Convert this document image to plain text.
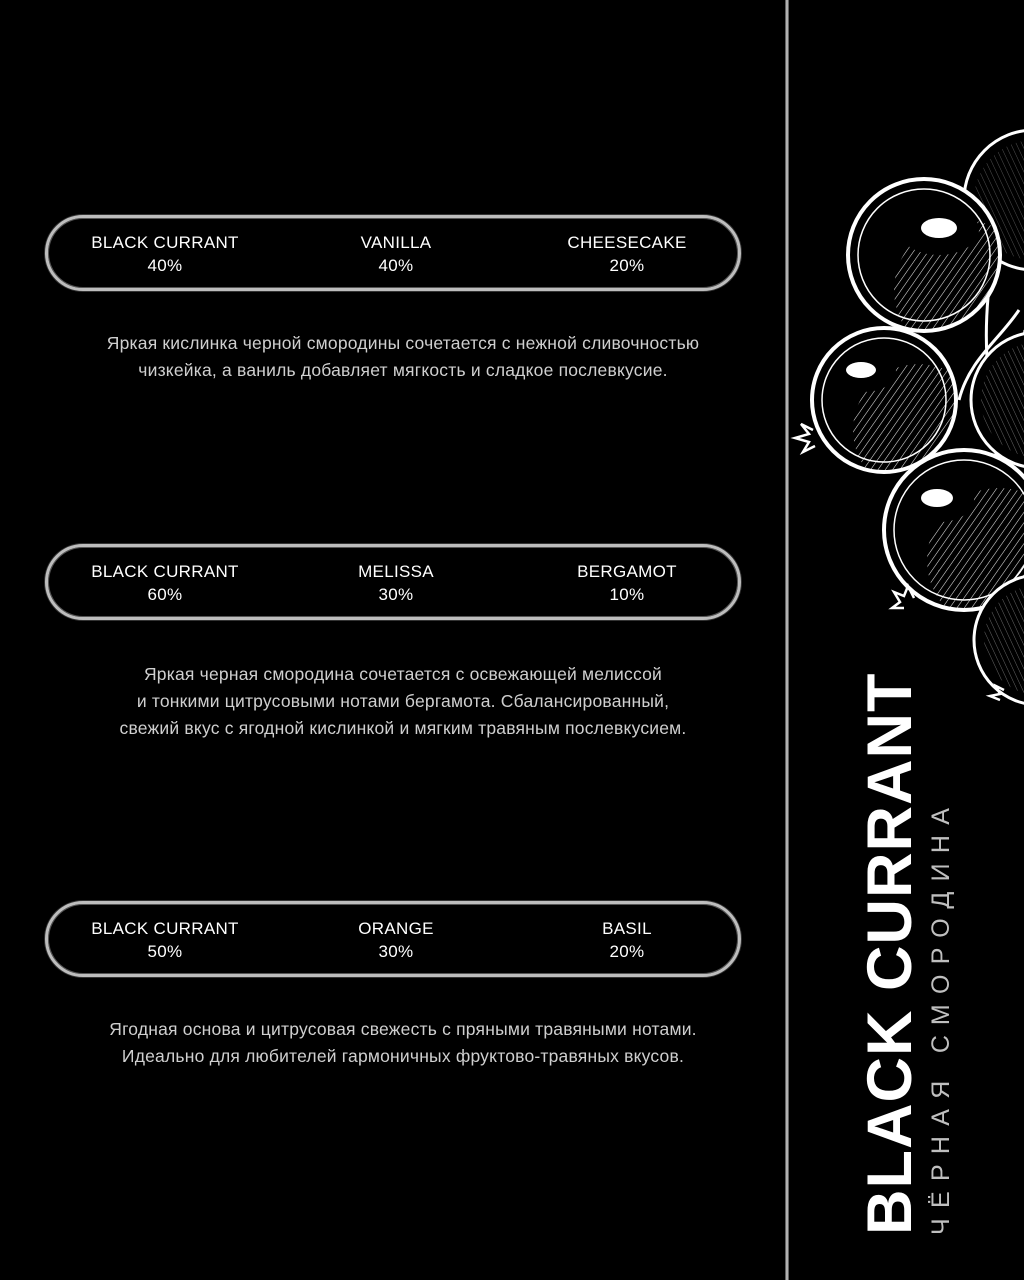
BLACK CURRANT
40%
VANILLA
40%
CHEESECAKE
20%
Яркая кислинка черной смородины сочетается с нежной сливочностью
чизкейка, а ваниль добавляет мягкость и сладкое послевкусие.
BLACK CURRANT
60%
MELISSA
30%
BERGAMOT
10%
Яркая черная смородина сочетается с освежающей мелиссой
и тонкими цитрусовыми нотами бергамота. Сбалансированный,
свежий вкус с ягодной кислинкой и мягким травяным послевкусием.
BLACK CURRANT
50%
ORANGE
30%
BASIL
20%
Ягодная основа и цитрусовая свежесть с пряными травяными нотами.
Идеально для любителей гармоничных фруктово-травяных вкусов.	BLACK CURRANT ЧЁРНАЯ СМОРОДИНА
